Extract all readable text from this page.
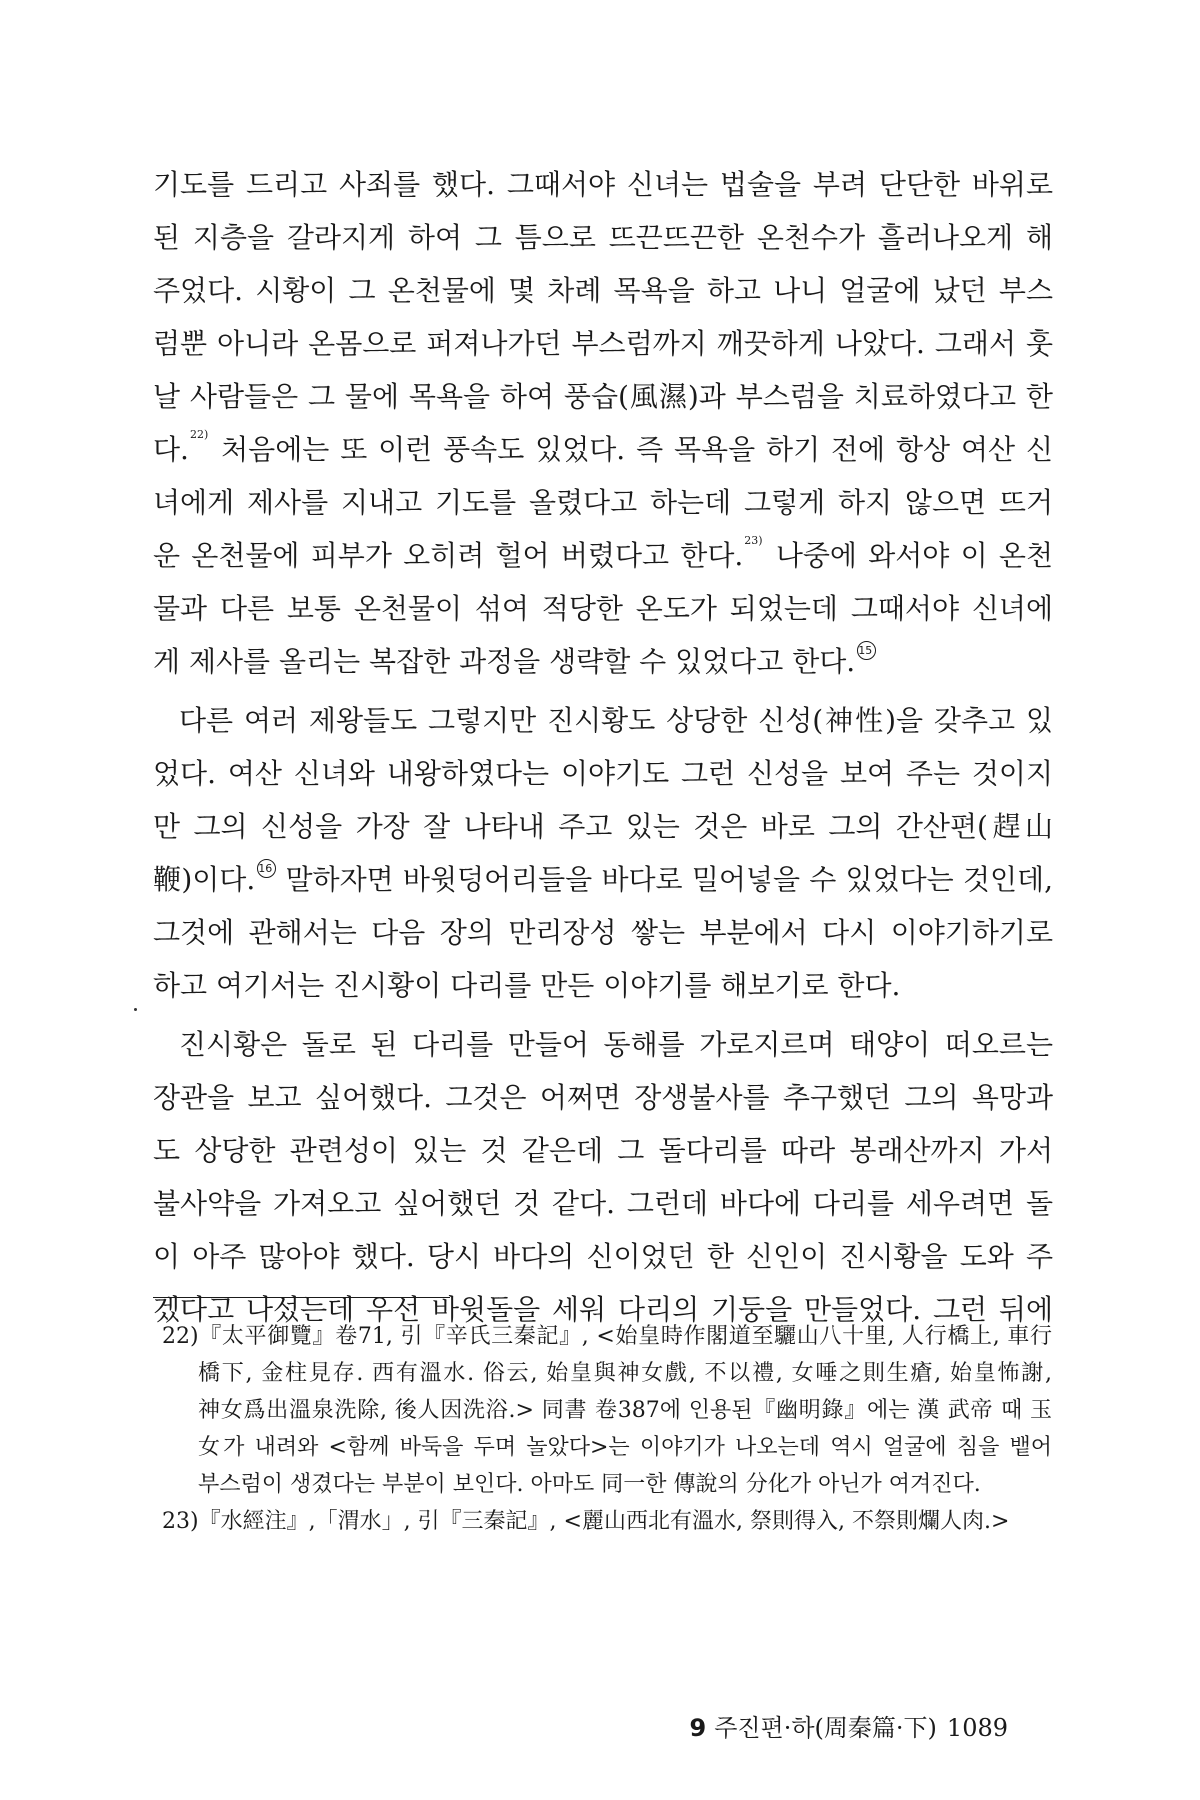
기도를 드리고 사죄를 했다. 그때서야 신녀는 법술을 부려 단단한 바위로
된 지층을 갈라지게 하여 그 틈으로 뜨끈뜨끈한 온천수가 흘러나오게 해
주었다. 시황이 그 온천물에 몇 차례 목욕을 하고 나니 얼굴에 났던 부스
럼뿐 아니라 온몸으로 퍼져나가던 부스럼까지 깨끗하게 나았다. 그래서 훗
날 사람들은 그 물에 목욕을 하여 풍습(風濕)과 부스럼을 치료하였다고 한
다.$^{22)}$ 처음에는 또 이런 풍속도 있었다. 즉 목욕을 하기 전에 항상 여산 신
녀에게 제사를 지내고 기도를 올렸다고 하는데 그렇게 하지 않으면 뜨거
운 온천물에 피부가 오히려 헐어 버렸다고 한다.$^{23)}$ 나중에 와서야 이 온천
물과 다른 보통 온천물이 섞여 적당한 온도가 되었는데 그때서야 신녀에
게 제사를 올리는 복잡한 과정을 생략할 수 있었다고 한다. 15
다른 여러 제왕들도 그렇지만 진시황도 상당한 신성(神性)을 갖추고 있
었다. 여산 신녀와 내왕하였다는 이야기도 그런 신성을 보여 주는 것이지
만 그의 신성을 가장 잘 나타내 주고 있는 것은 바로 그의 간산편(趕山
鞭)이다. 16 말하자면 바윗덩어리들을 바다로 밀어넣을 수 있었다는 것인데,
그것에 관해서는 다음 장의 만리장성 쌓는 부분에서 다시 이야기하기로
하고 여기서는 진시황이 다리를 만든 이야기를 해보기로 한다.
진시황은 돌로 된 다리를 만들어 동해를 가로지르며 태양이 떠오르는
장관을 보고 싶어했다. 그것은 어쩌면 장생불사를 추구했던 그의 욕망과
도 상당한 관련성이 있는 것 같은데 그 돌다리를 따라 봉래산까지 가서
불사약을 가져오고 싶어했던 것 같다. 그런데 바다에 다리를 세우려면 돌
이 아주 많아야 했다. 당시 바다의 신이었던 한 신인이 진시황을 도와 주
겠다고 나섰는데 우선 바윗돌을 세워 다리의 기둥을 만들었다. 그런 뒤에
22)『太平御覽』卷71, 引『辛氏三秦記』, <始皇時作閣道至驪山八十里, 人行橋上, 車行
橋下, 金柱見存. 西有溫水. 俗云, 始皇與神女戲, 不以禮, 女唾之則生瘡, 始皇怖謝,
神女爲出溫泉洗除, 後人因洗浴.> 同書 卷387에 인용된『幽明錄』에는 漢 武帝 때 玉
女가 내려와 <함께 바둑을 두며 놀았다>는 이야기가 나오는데 역시 얼굴에 침을 뱉어
부스럼이 생겼다는 부분이 보인다. 아마도 同一한 傳說의 分化가 아닌가 여겨진다.
23)『水經注』,「渭水」, 引『三秦記』, <麗山西北有溫水, 祭則得入, 不祭則爛人肉.>
9 주진편·하(周秦篇·下) 1089
